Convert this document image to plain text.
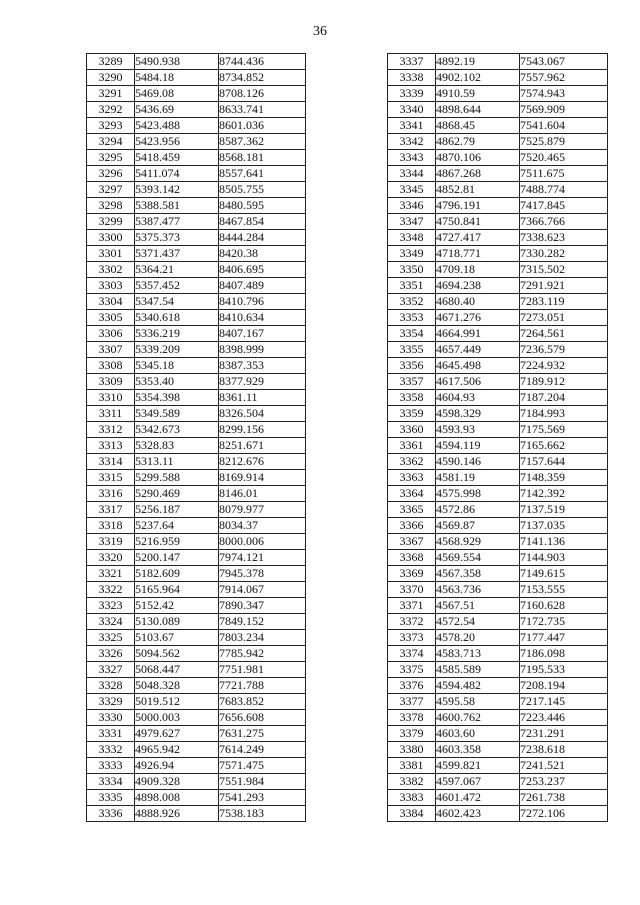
36
3289	5490.938	8744.436
3290	5484.18	8734.852
3291	5469.08	8708.126
3292	5436.69	8633.741
3293	5423.488	8601.036
3294	5423.956	8587.362
3295	5418.459	8568.181
3296	5411.074	8557.641
3297	5393.142	8505.755
3298	5388.581	8480.595
3299	5387.477	8467.854
3300	5375.373	8444.284
3301	5371.437	8420.38
3302	5364.21	8406.695
3303	5357.452	8407.489
3304	5347.54	8410.796
3305	5340.618	8410.634
3306	5336.219	8407.167
3307	5339.209	8398.999
3308	5345.18	8387.353
3309	5353.40	8377.929
3310	5354.398	8361.11
3311	5349.589	8326.504
3312	5342.673	8299.156
3313	5328.83	8251.671
3314	5313.11	8212.676
3315	5299.588	8169.914
3316	5290.469	8146.01
3317	5256.187	8079.977
3318	5237.64	8034.37
3319	5216.959	8000.006
3320	5200.147	7974.121
3321	5182.609	7945.378
3322	5165.964	7914.067
3323	5152.42	7890.347
3324	5130.089	7849.152
3325	5103.67	7803.234
3326	5094.562	7785.942
3327	5068.447	7751.981
3328	5048.328	7721.788
3329	5019.512	7683.852
3330	5000.003	7656.608
3331	4979.627	7631.275
3332	4965.942	7614.249
3333	4926.94	7571.475
3334	4909.328	7551.984
3335	4898.008	7541.293
3336	4888.926	7538.183
3337	4892.19	7543.067
3338	4902.102	7557.962
3339	4910.59	7574.943
3340	4898.644	7569.909
3341	4868.45	7541.604
3342	4862.79	7525.879
3343	4870.106	7520.465
3344	4867.268	7511.675
3345	4852.81	7488.774
3346	4796.191	7417.845
3347	4750.841	7366.766
3348	4727.417	7338.623
3349	4718.771	7330.282
3350	4709.18	7315.502
3351	4694.238	7291.921
3352	4680.40	7283.119
3353	4671.276	7273.051
3354	4664.991	7264.561
3355	4657.449	7236.579
3356	4645.498	7224.932
3357	4617.506	7189.912
3358	4604.93	7187.204
3359	4598.329	7184.993
3360	4593.93	7175.569
3361	4594.119	7165.662
3362	4590.146	7157.644
3363	4581.19	7148.359
3364	4575.998	7142.392
3365	4572.86	7137.519
3366	4569.87	7137.035
3367	4568.929	7141.136
3368	4569.554	7144.903
3369	4567.358	7149.615
3370	4563.736	7153.555
3371	4567.51	7160.628
3372	4572.54	7172.735
3373	4578.20	7177.447
3374	4583.713	7186.098
3375	4585.589	7195.533
3376	4594.482	7208.194
3377	4595.58	7217.145
3378	4600.762	7223.446
3379	4603.60	7231.291
3380	4603.358	7238.618
3381	4599.821	7241.521
3382	4597.067	7253.237
3383	4601.472	7261.738
3384	4602.423	7272.106
